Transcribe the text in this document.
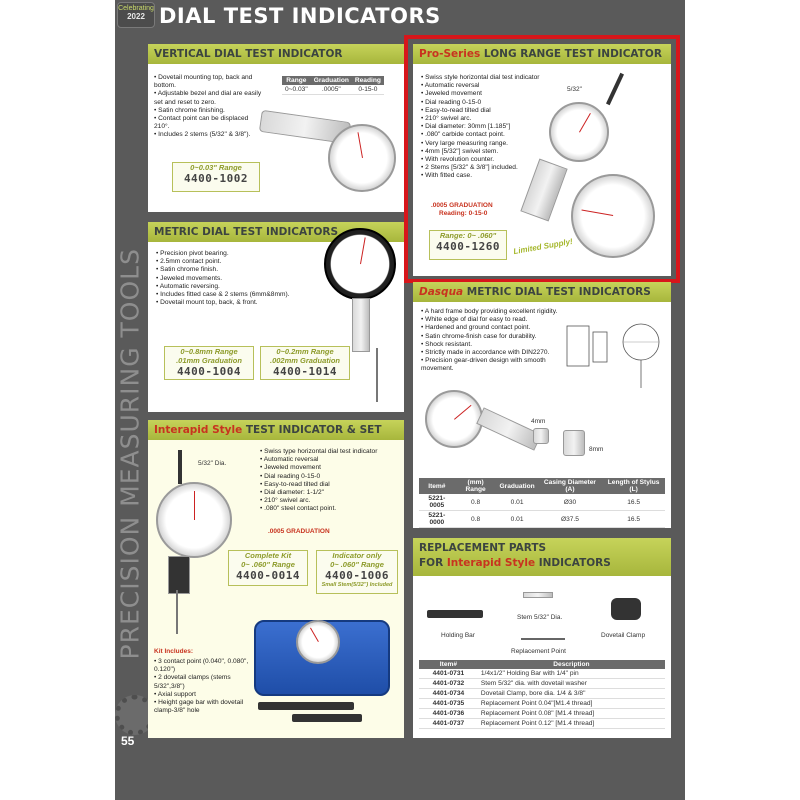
Celebrating
2022 DIAL TEST INDICATORS
PRECISION MEASURING TOOLS
55
VERTICAL DIAL TEST INDICATOR
• Dovetail mounting top, back and bottom.
• Adjustable bezel and dial are easily set and reset to zero.
• Satin chrome finishing.
• Contact point can be displaced 210°.
• Includes 2 stems (5/32" & 3/8").
Range	Graduation	Reading
0~0.03"	.0005"	0-15-0
0~0.03" Range
4400-1002
Pro-Series LONG RANGE TEST INDICATOR
• Swiss style horizontal dial test indicator
• Automatic reversal
• Jeweled movement
• Dial reading 0-15-0
• Easy-to-read tilted dial
• 210° swivel arc.
• Dial diameter: 30mm [1.185"]
• .080" carbide contact point.
• Very large measuring range.
• 4mm [5/32"] swivel stem.
• With revolution counter.
• 2 Stems [5/32" & 3/8"] included.
• With fitted case.
5/32"
.0005 GRADUATION
Reading: 0-15-0
Range: 0~ .060"
4400-1260	Limited Supply!
METRIC DIAL TEST INDICATORS
• Precision pivot bearing.
• 2.5mm contact point.
• Satin chrome finish.
• Jeweled movements.
• Automatic reversing.
• Includes fitted case & 2 stems (6mm&8mm).
• Dovetail mount top, back, & front.
0~0.8mm Range
.01mm Graduation
4400-1004
0~0.2mm Range
.002mm Graduation
4400-1014
Dasqua METRIC DIAL TEST INDICATORS
• A hard frame body providing excellent rigidity.
• White edge of dial for easy to read.
• Hardened and ground contact point.
• Satin chrome-finish case for durability.
• Shock resistant.
• Strictly made in accordance with DIN2270.
• Precision gear-driven design with smooth movement.
4mm
8mm
Item#	(mm) Range	Graduation	Casing Diameter (A)	Length of Stylus (L)
5221-0005	0.8	0.01	Ø30	16.5
5221-0000	0.8	0.01	Ø37.5	16.5
Interapid Style TEST INDICATOR & SET
5/32" Dia.
• Swiss type horizontal dial test indicator
• Automatic reversal
• Jeweled movement
• Dial reading 0-15-0
• Easy-to-read tilted dial
• Dial diameter: 1-1/2"
• 210° swivel arc.
• .080" steel contact point.
.0005 GRADUATION
Complete Kit
0~ .060" Range
4400-0014
Indicator only
0~ .060" Range
4400-1006
Small Stem(5/32") Included
Kit Includes:
• 3 contact point (0.040", 0.080", 0.120")
• 2 dovetail clamps (stems 5/32",3/8")
• Axial support
• Height gage bar with dovetail clamp-3/8" hole
REPLACEMENT PARTS
FOR Interapid Style INDICATORS
Holding Bar
Stem 5/32" Dia.
Dovetail Clamp
Replacement Point
Item#	Description
4401-0731	1/4x1/2" Holding Bar with 1/4" pin
4401-0732	Stem 5/32" dia. with dovetail washer
4401-0734	Dovetail Clamp, bore dia. 1/4 & 3/8"
4401-0735	Replacement Point 0.04"[M1.4 thread]
4401-0736	Replacement Point 0.08" [M1.4 thread]
4401-0737	Replacement Point 0.12" [M1.4 thread]
